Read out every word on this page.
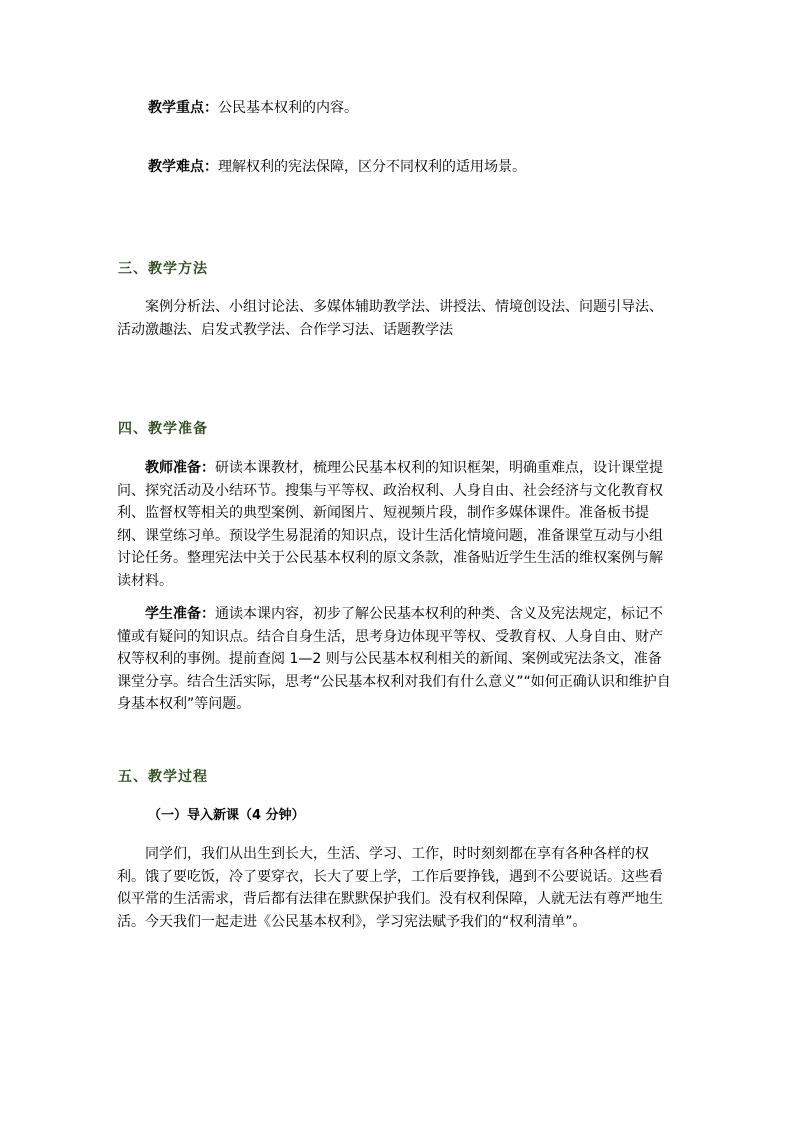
教学重点：公民基本权利的内容。

教学难点：理解权利的宪法保障，区分不同权利的适用场景。

三、教学方法

案例分析法、小组讨论法、多媒体辅助教学法、讲授法、情境创设法、问题引导法、活动激趣法、启发式教学法、合作学习法、话题教学法

四、教学准备

教师准备：研读本课教材，梳理公民基本权利的知识框架，明确重难点，设计课堂提问、探究活动及小结环节。搜集与平等权、政治权利、人身自由、社会经济与文化教育权利、监督权等相关的典型案例、新闻图片、短视频片段，制作多媒体课件。准备板书提纲、课堂练习单。预设学生易混淆的知识点，设计生活化情境问题，准备课堂互动与小组讨论任务。整理宪法中关于公民基本权利的原文条款，准备贴近学生生活的维权案例与解读材料。

学生准备：通读本课内容，初步了解公民基本权利的种类、含义及宪法规定，标记不懂或有疑问的知识点。结合自身生活，思考身边体现平等权、受教育权、人身自由、财产权等权利的事例。提前查阅 1—2 则与公民基本权利相关的新闻、案例或宪法条文，准备课堂分享。结合生活实际，思考“公民基本权利对我们有什么意义”“如何正确认识和维护自身基本权利”等问题。

五、教学过程

（一）导入新课（4 分钟）

同学们，我们从出生到长大，生活、学习、工作，时时刻刻都在享有各种各样的权利。饿了要吃饭，冷了要穿衣，长大了要上学，工作后要挣钱，遇到不公要说话。这些看似平常的生活需求，背后都有法律在默默保护我们。没有权利保障，人就无法有尊严地生活。今天我们一起走进《公民基本权利》，学习宪法赋予我们的“权利清单”。
